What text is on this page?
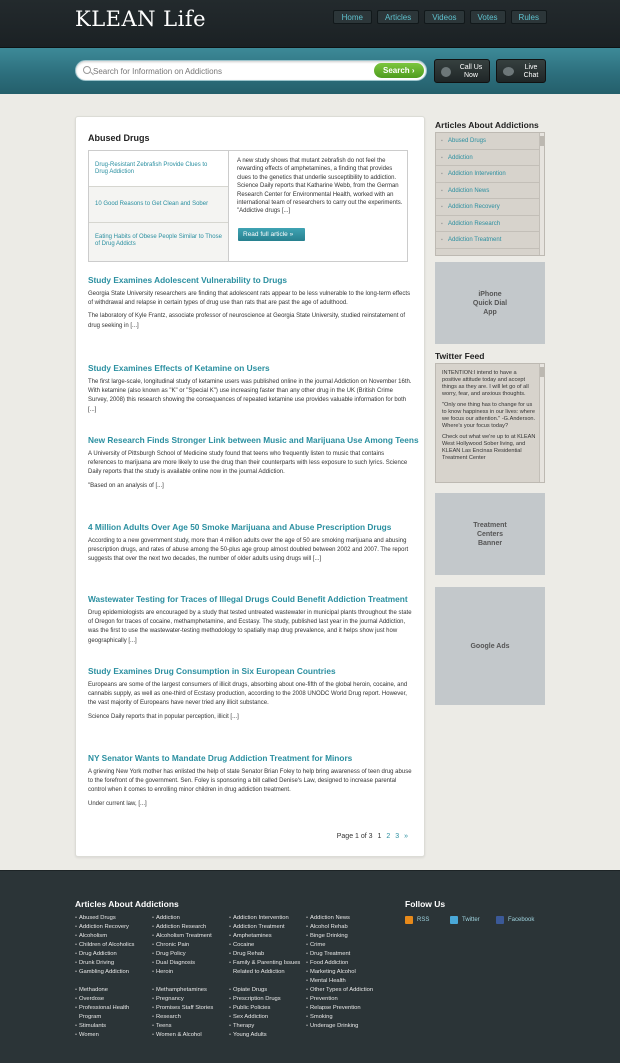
KLEAN Life	Home	Articles	Videos	Votes	Rules
Search for Information on Addictions
Search ›	Call Us
Now
Live
Chat
Abused Drugs
Drug-Resistant Zebrafish Provide Clues to Drug Addiction
10 Good Reasons to Get Clean and Sober
Eating Habits of Obese People Similar to Those of Drug Addicts
A new study shows that mutant zebrafish do not feel the rewarding effects of amphetamines, a finding that provides clues to the genetics that underlie susceptibility to addiction. Science Daily reports that Katharine Webb, from the German Research Center for Environmental Health, worked with an international team of researchers to carry out the experiments. "Addictive drugs [...]
Read full article »
Study Examines Adolescent Vulnerability to Drugs

Georgia State University researchers are finding that adolescent rats appear to be less vulnerable to the long-term effects of withdrawal and relapse in certain types of drug use than rats that are past the age of adulthood.

The laboratory of Kyle Frantz, associate professor of neuroscience at Georgia State University, studied reinstatement of drug seeking in [...]

Study Examines Effects of Ketamine on Users

The first large-scale, longitudinal study of ketamine users was published online in the journal Addiction on November 16th. With ketamine (also known as "K" or "Special K") use increasing faster than any other drug in the UK (British Crime Survey, 2008) this research showing the consequences of repeated ketamine use provides valuable information for both [...]

New Research Finds Stronger Link between Music and Marijuana Use Among Teens

A University of Pittsburgh School of Medicine study found that teens who frequently listen to music that contains references to marijuana are more likely to use the drug than their counterparts with less exposure to such lyrics. Science Daily reports that the study is available online now in the journal Addiction.

"Based on an analysis of [...]

4 Million Adults Over Age 50 Smoke Marijuana and Abuse Prescription Drugs

According to a new government study, more than 4 million adults over the age of 50 are smoking marijuana and abusing prescription drugs, and rates of abuse among the 50-plus age group almost doubled between 2002 and 2007. The report suggests that over the next two decades, the number of older adults using drugs will [...]

Wastewater Testing for Traces of Illegal Drugs Could Benefit Addiction Treatment

Drug epidemiologists are encouraged by a study that tested untreated wastewater in municipal plants throughout the state of Oregon for traces of cocaine, methamphetamine, and Ecstasy. The study, published last year in the journal Addiction, was the first to use the wastewater-testing methodology to spatially map drug prevalence, and it helps show just how geographically [...]

Study Examines Drug Consumption in Six European Countries

Europeans are some of the largest consumers of illicit drugs, absorbing about one-fifth of the global heroin, cocaine, and cannabis supply, as well as one-third of Ecstasy production, according to the 2008 UNODC World Drug report. However, the vast majority of Europeans have never tried any illicit substance.

Science Daily reports that in popular perception, illicit [...]

NY Senator Wants to Mandate Drug Addiction Treatment for Minors

A grieving New York mother has enlisted the help of state Senator Brian Foley to help bring awareness of teen drug abuse to the forefront of the government. Sen. Foley is sponsoring a bill called Denise's Law, designed to increase parental control when it comes to enrolling minor children in drug addiction treatment.

Under current law, [...]

Page 1 of 3 1 2 3 »
Articles About Addictions
▪ Abused Drugs
▪ Addiction
▪ Addiction Intervention
▪ Addiction News
▪ Addiction Recovery
▪ Addiction Research
▪ Addiction Treatment
iPhone
Quick Dial
App
Twitter Feed
INTENTION:I intend to have a positive attitude today and accept things as they are. I will let go of all worry, fear, and anxious thoughts.
"Only one thing has to change for us to know happiness in our lives: where we focus our attention." -G.Anderson. Where's your focus today?
Check out what we're up to at KLEAN West Hollywood Sober living, and KLEAN Las Encinas Residential Treatment Center
Treatment
Centers
Banner
Google Ads
Articles About Addictions
• Abused Drugs
• Addiction Recovery
• Alcoholism
• Children of Alcoholics
• Drug Addiction
• Drunk Driving
• Gambling Addiction
• Addiction
• Addiction Research
• Alcoholism Treatment
• Chronic Pain
• Drug Policy
• Dual Diagnosis
• Heroin
• Addiction Intervention
• Addiction Treatment
• Amphetamines
• Cocaine
• Drug Rehab
• Family & Parenting Issues Related to Addiction
• Addiction News
• Alcohol Rehab
• Binge Drinking
• Crime
• Drug Treatment
• Food Addiction
• Marketing Alcohol
• Methadone
• Overdose
• Professional Health Program
• Stimulants
• Women
• Methamphetamines
• Pregnancy
• Promises Staff Stories
• Research
• Teens
• Women & Alcohol
• Opiate Drugs
• Prescription Drugs
• Public Policies
• Sex Addiction
• Therapy
• Young Adults
• Mental Health
• Other Types of Addiction
• Prevention
• Relapse Prevention
• Smoking
• Underage Drinking
Follow Us
RSS	Twitter	Facebook
